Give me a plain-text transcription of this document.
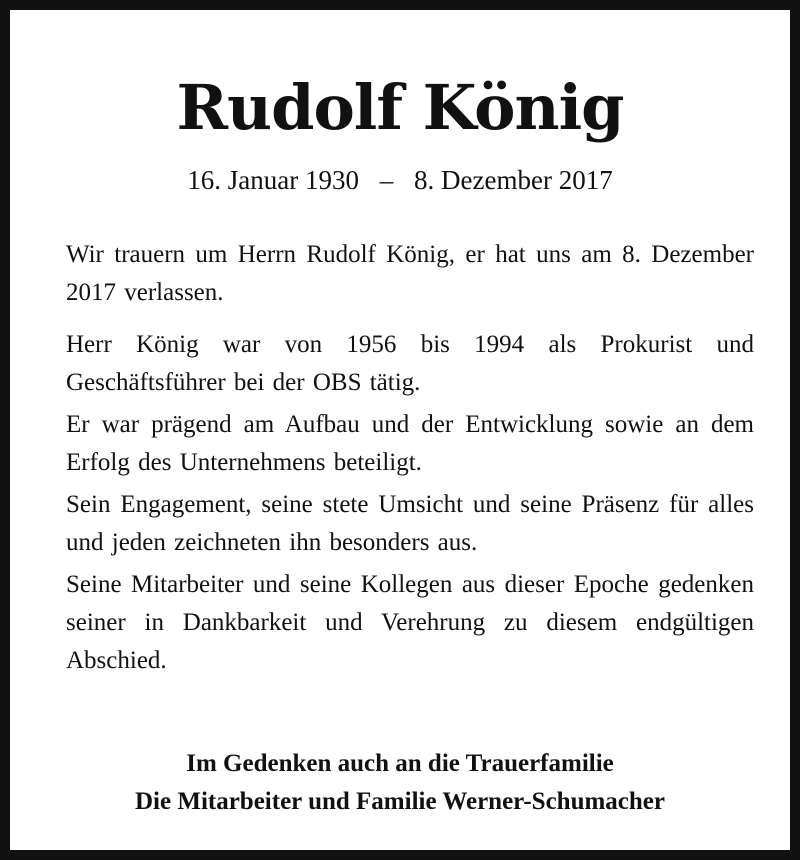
Rudolf König
16. Januar 1930 – 8. Dezember 2017

Wir trauern um Herrn Rudolf König, er hat uns am 8. Dezember 2017 verlassen.

Herr König war von 1956 bis 1994 als Prokurist und Geschäftsführer bei der OBS tätig.

Er war prägend am Aufbau und der Entwicklung sowie an dem Erfolg des Unternehmens beteiligt.

Sein Engagement, seine stete Umsicht und seine Präsenz für alles und jeden zeichneten ihn besonders aus.

Seine Mitarbeiter und seine Kollegen aus dieser Epoche gedenken seiner in Dankbarkeit und Verehrung zu diesem endgültigen Abschied.

Im Gedenken auch an die Trauerfamilie
Die Mitarbeiter und Familie Werner-Schumacher
